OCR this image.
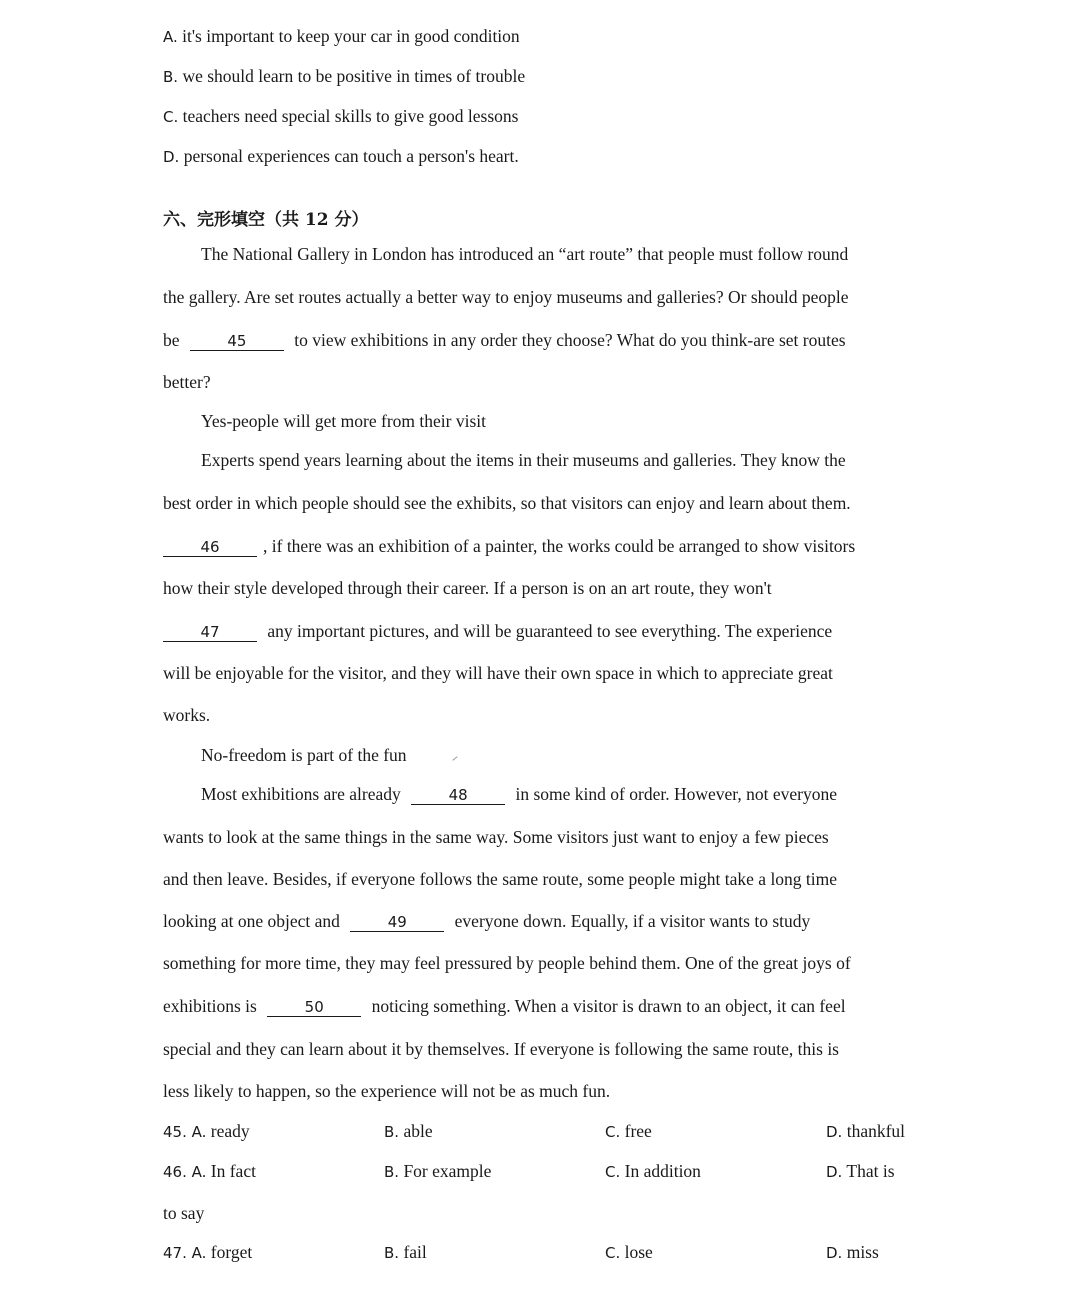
A. it's important to keep your car in good condition
B. we should learn to be positive in times of trouble
C. teachers need special skills to give good lessons
D. personal experiences can touch a person's heart.
六、完形填空（共 12 分）
The National Gallery in London has introduced an “art route” that people must follow round
the gallery. Are set routes actually a better way to enjoy museums and galleries? Or should people
be	45	to view exhibitions in any order they choose? What do you think-are set routes
better?
Yes-people will get more from their visit
Experts spend years learning about the items in their museums and galleries. They know the
best order in which people should see the exhibits, so that visitors can enjoy and learn about them.
46 , if there was an exhibition of a painter, the works could be arranged to show visitors
how their style developed through their career. If a person is on an art route, they won't
47	any important pictures, and will be guaranteed to see everything. The experience
will be enjoyable for the visitor, and they will have their own space in which to appreciate great
works.
No-freedom is part of the fun
Most exhibitions are already	48	in some kind of order. However, not everyone
wants to look at the same things in the same way. Some visitors just want to enjoy a few pieces
and then leave. Besides, if everyone follows the same route, some people might take a long time
looking at one object and	49	everyone down. Equally, if a visitor wants to study
something for more time, they may feel pressured by people behind them. One of the great joys of
exhibitions is	50	noticing something. When a visitor is drawn to an object, it can feel
special and they can learn about it by themselves. If everyone is following the same route, this is
less likely to happen, so the experience will not be as much fun.
45. A. ready	B. able	C. free	D. thankful
46. A. In fact	B. For example	C. In addition	D. That is
to say
47. A. forget	B. fail	C. lose	D. miss
